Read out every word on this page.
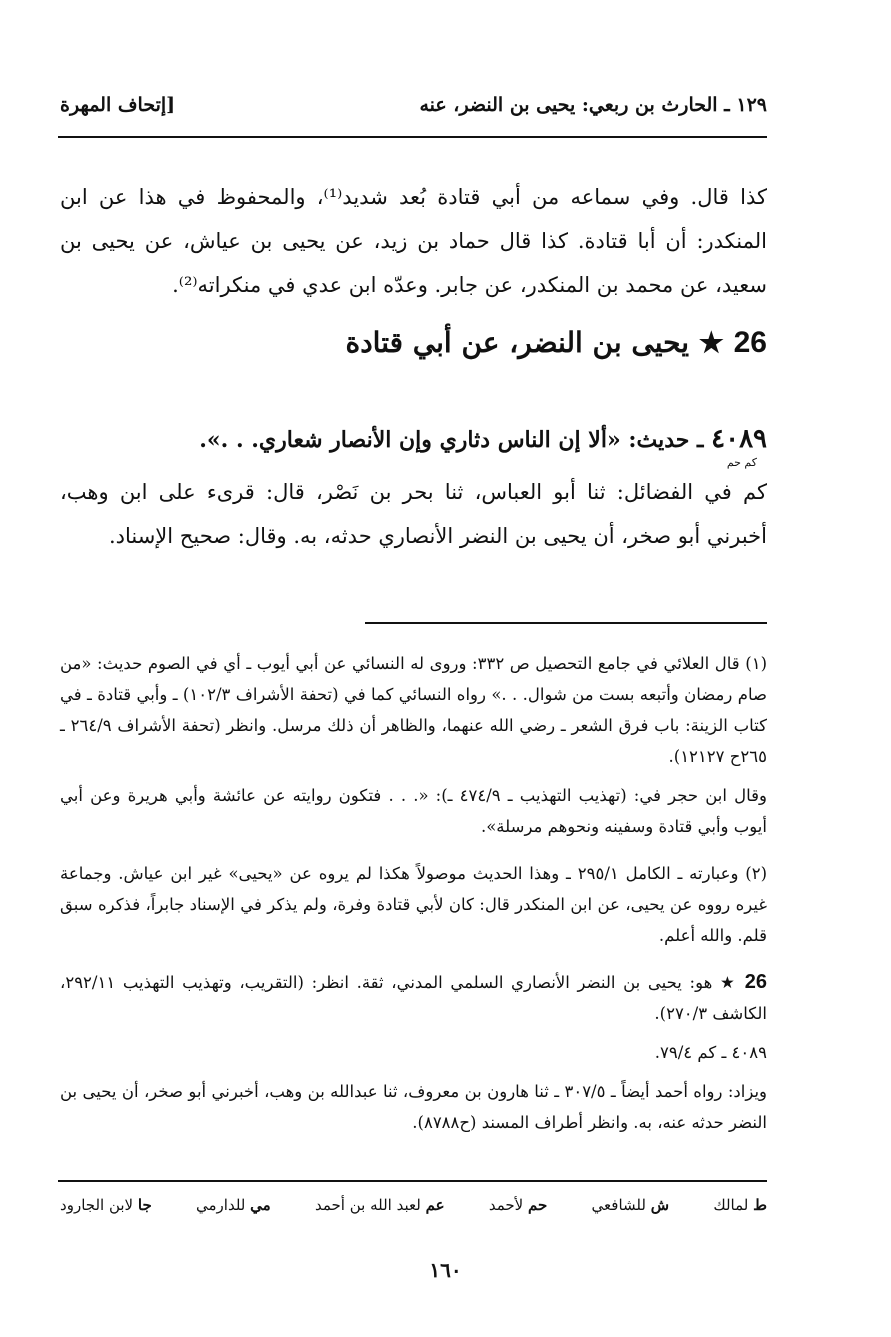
١٢٩ ـ الحارث بن ربعي: يحيى بن النضر، عنه
[إتحاف المهرة

كذا قال. وفي سماعه من أبي قتادة بُعد شديد⁽¹⁾، والمحفوظ في هذا عن ابن المنكدر: أن أبا قتادة. كذا قال حماد بن زيد، عن يحيى بن عياش، عن يحيى بن سعيد، عن محمد بن المنكدر، عن جابر. وعدّه ابن عدي في منكراته⁽²⁾.

26 ★ يحيى بن النضر، عن أبي قتادة
٤٠٨٩ ـ حديث: «ألا إن الناس دثاري وإن الأنصار شعاري. . .».
كم حم

كم في الفضائل: ثنا أبو العباس، ثنا بحر بن نَصْر، قال: قرىء على ابن وهب، أخبرني أبو صخر، أن يحيى بن النضر الأنصاري حدثه، به. وقال: صحيح الإسناد.

(١) قال العلائي في جامع التحصيل ص ٣٣٢: وروى له النسائي عن أبي أيوب ـ أي في الصوم حديث: «من صام رمضان وأتبعه بست من شوال. . .» رواه النسائي كما في (تحفة الأشراف ١٠٢/٣) ـ وأبي قتادة ـ في كتاب الزينة: باب فرق الشعر ـ رضي الله عنهما، والظاهر أن ذلك مرسل. وانظر (تحفة الأشراف ٢٦٤/٩ ـ ٢٦٥ح ١٢١٢٧).

وقال ابن حجر في: (تهذيب التهذيب ـ ٤٧٤/٩ ـ): «. . . فتكون روايته عن عائشة وأبي هريرة وعن أبي أيوب وأبي قتادة وسفينه ونحوهم مرسلة».

(٢) وعبارته ـ الكامل ٢٩٥/١ ـ وهذا الحديث موصولاً هكذا لم يروه عن «يحيى» غير ابن عياش. وجماعة غيره رووه عن يحيى، عن ابن المنكدر قال: كان لأبي قتادة وفرة، ولم يذكر في الإسناد جابراً، فذكره سبق قلم. والله أعلم.

26 ★ هو: يحيى بن النضر الأنصاري السلمي المدني، ثقة. انظر: (التقريب، وتهذيب التهذيب ٢٩٢/١١، الكاشف ٢٧٠/٣).

٤٠٨٩ ـ كم ٧٩/٤.

ويزاد: رواه أحمد أيضاً ـ ٣٠٧/٥ ـ ثنا هارون بن معروف، ثنا عبدالله بن وهب، أخبرني أبو صخر، أن يحيى بن النضر حدثه عنه، به. وانظر أطراف المسند (ح٨٧٨٨).

ط لمالك
ش للشافعي
حم لأحمد
عم لعبد الله بن أحمد
مي للدارمي
جا لابن الجارود
١٦٠
